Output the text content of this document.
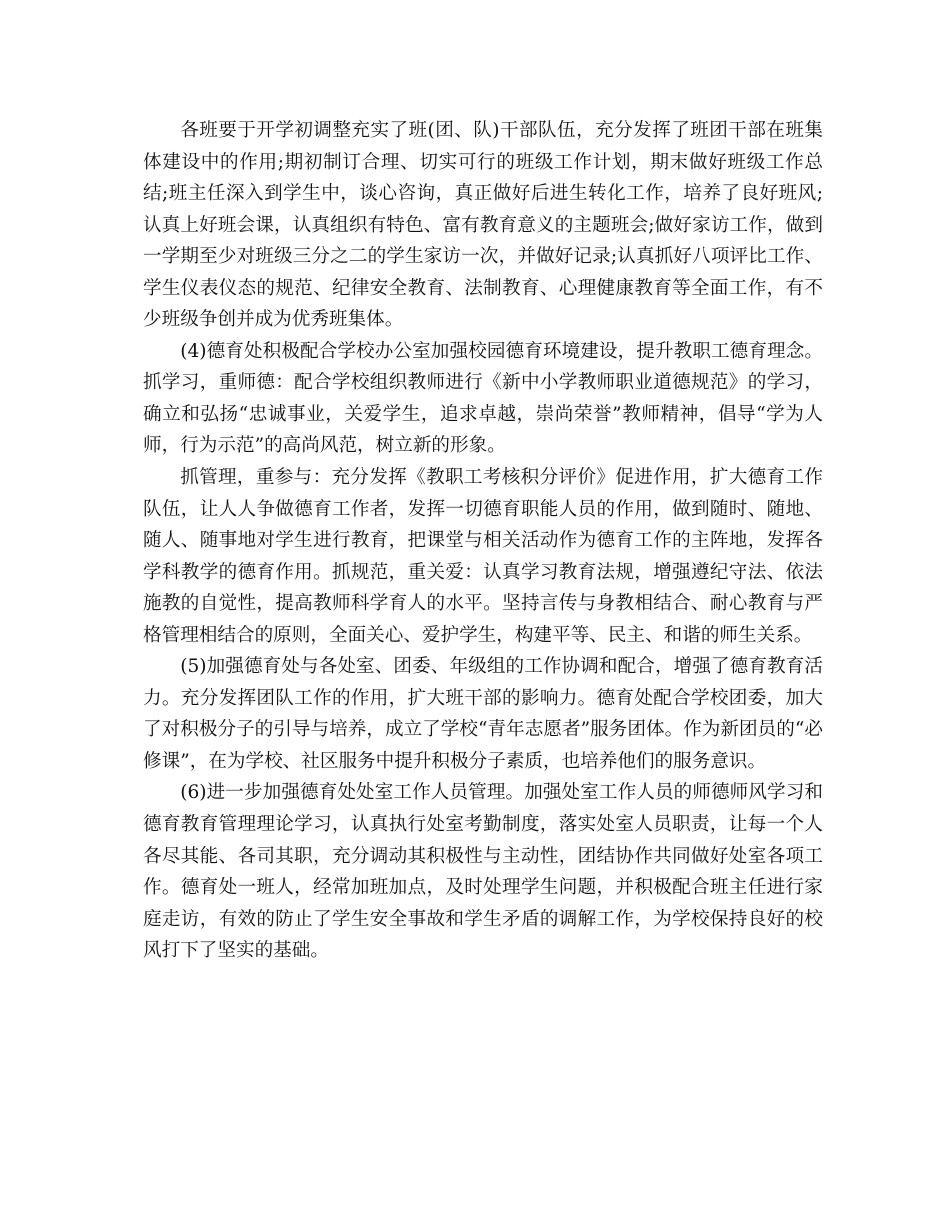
各班要于开学初调整充实了班(团、队)干部队伍，充分发挥了班团干部在班集体建设中的作用;期初制订合理、切实可行的班级工作计划，期末做好班级工作总结;班主任深入到学生中，谈心咨询，真正做好后进生转化工作，培养了良好班风;认真上好班会课，认真组织有特色、富有教育意义的主题班会;做好家访工作，做到一学期至少对班级三分之二的学生家访一次，并做好记录;认真抓好八项评比工作、学生仪表仪态的规范、纪律安全教育、法制教育、心理健康教育等全面工作，有不少班级争创并成为优秀班集体。

(4)德育处积极配合学校办公室加强校园德育环境建设，提升教职工德育理念。抓学习，重师德：配合学校组织教师进行《新中小学教师职业道德规范》的学习，确立和弘扬“忠诚事业，关爱学生，追求卓越，崇尚荣誉”教师精神，倡导“学为人师，行为示范”的高尚风范，树立新的形象。

抓管理，重参与：充分发挥《教职工考核积分评价》促进作用，扩大德育工作队伍，让人人争做德育工作者，发挥一切德育职能人员的作用，做到随时、随地、随人、随事地对学生进行教育，把课堂与相关活动作为德育工作的主阵地，发挥各学科教学的德育作用。抓规范，重关爱：认真学习教育法规，增强遵纪守法、依法施教的自觉性，提高教师科学育人的水平。坚持言传与身教相结合、耐心教育与严格管理相结合的原则，全面关心、爱护学生，构建平等、民主、和谐的师生关系。

(5)加强德育处与各处室、团委、年级组的工作协调和配合，增强了德育教育活力。充分发挥团队工作的作用，扩大班干部的影响力。德育处配合学校团委，加大了对积极分子的引导与培养，成立了学校“青年志愿者”服务团体。作为新团员的“必修课”，在为学校、社区服务中提升积极分子素质，也培养他们的服务意识。

(6)进一步加强德育处处室工作人员管理。加强处室工作人员的师德师风学习和德育教育管理理论学习，认真执行处室考勤制度，落实处室人员职责，让每一个人各尽其能、各司其职，充分调动其积极性与主动性，团结协作共同做好处室各项工作。德育处一班人，经常加班加点，及时处理学生问题，并积极配合班主任进行家庭走访，有效的防止了学生安全事故和学生矛盾的调解工作，为学校保持良好的校风打下了坚实的基础。
